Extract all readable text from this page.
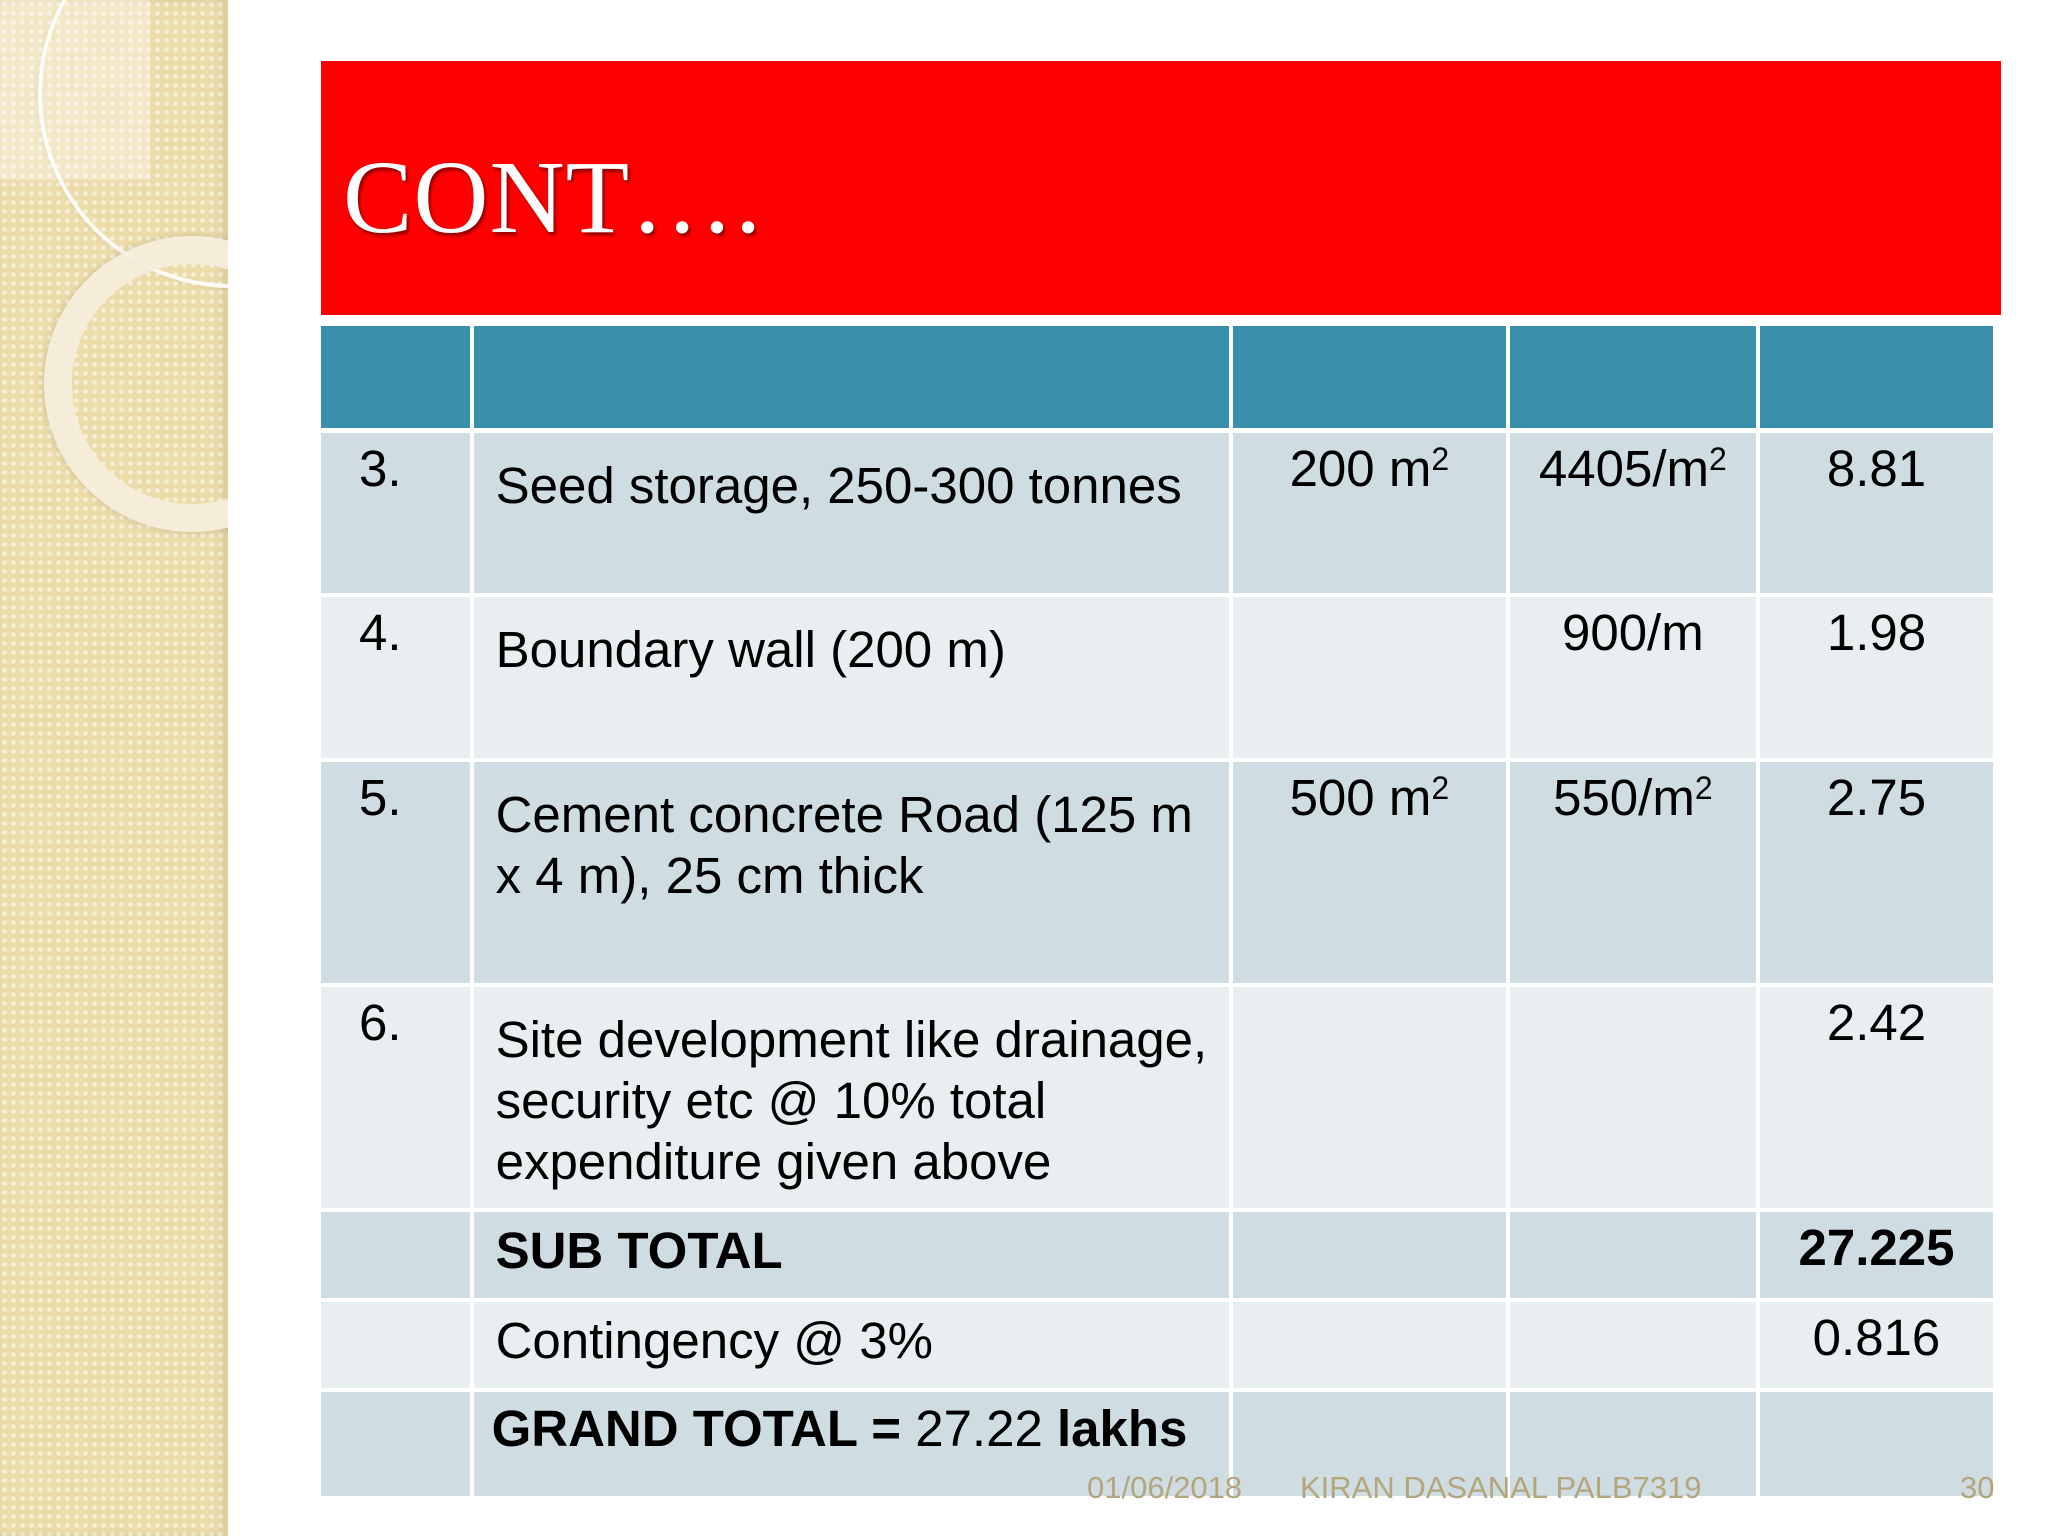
CONT….

3.	Seed storage, 250-300 tonnes	200 $m^2$	$4405/m^2$	8.81
4.	Boundary wall (200 m)		900/m	1.98
5.	Cement concrete Road (125 m x 4 m), 25 cm thick	500 $m^2$	$550/m^2$	2.75
6.	Site development like drainage, security etc @ 10% total expenditure given above			2.42
	SUB TOTAL			27.225
	Contingency @ 3%			0.816
	GRAND TOTAL = 27.22 lakhs			
01/06/2018 KIRAN DASANAL PALB7319	30
